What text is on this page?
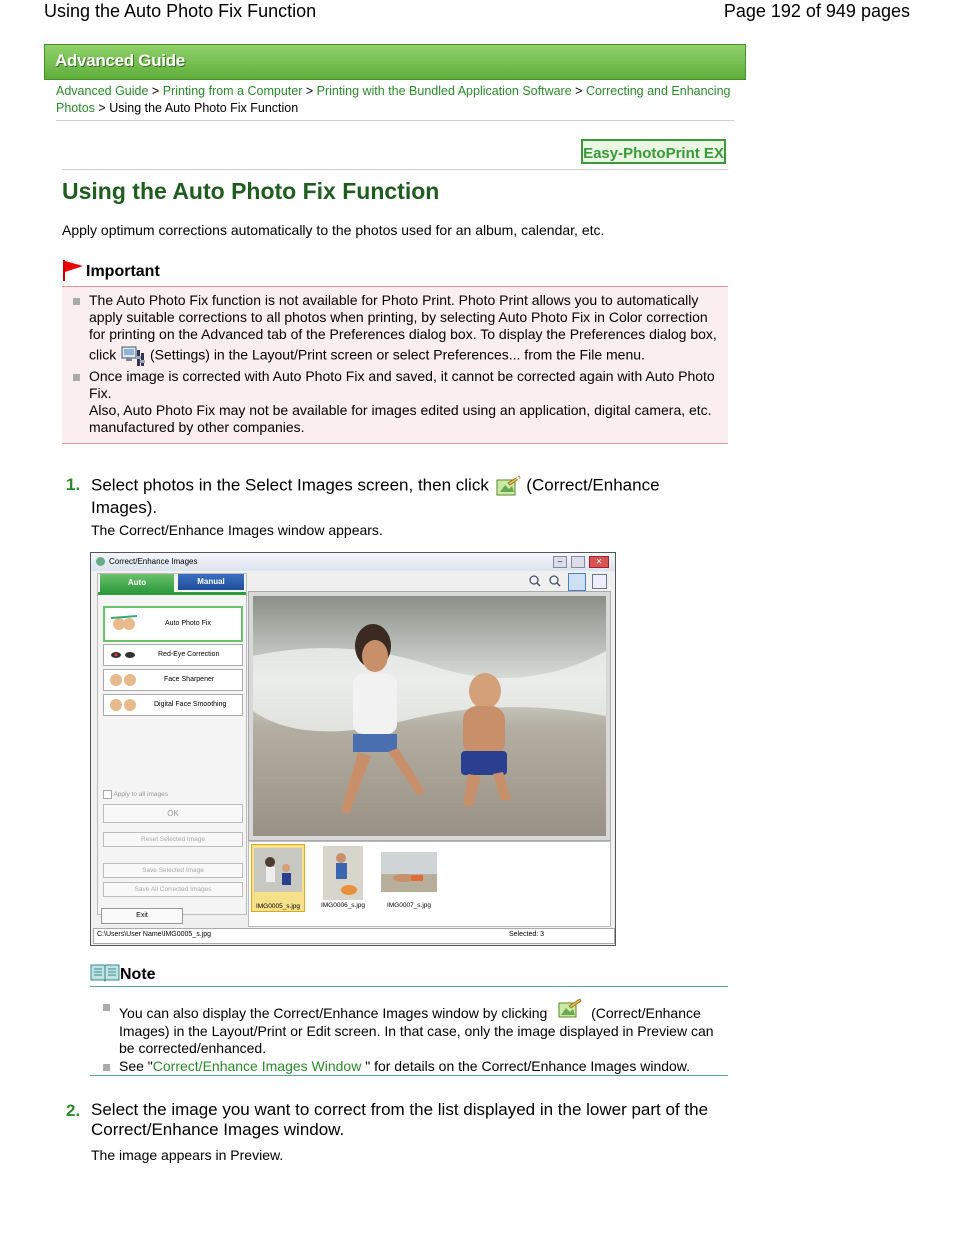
Using the Auto Photo Fix Function	Page 192 of 949 pages
Advanced Guide
Advanced Guide > Printing from a Computer > Printing with the Bundled Application Software > Correcting and Enhancing Photos > Using the Auto Photo Fix Function
Easy-PhotoPrint EX
Using the Auto Photo Fix Function
Apply optimum corrections automatically to the photos used for an album, calendar, etc.
Important
The Auto Photo Fix function is not available for Photo Print. Photo Print allows you to automatically apply suitable corrections to all photos when printing, by selecting Auto Photo Fix in Color correction for printing on the Advanced tab of the Preferences dialog box. To display the Preferences dialog box, click (Settings) in the Layout/Print screen or select Preferences... from the File menu.
Once image is corrected with Auto Photo Fix and saved, it cannot be corrected again with Auto Photo Fix.
Also, Auto Photo Fix may not be available for images edited using an application, digital camera, etc. manufactured by other companies.
1. Select photos in the Select Images screen, then click (Correct/Enhance Images).
The Correct/Enhance Images window appears.
Correct/Enhance Images	–	✕
Auto	Manual
Auto Photo Fix
Red-Eye Correction
Face Sharpener
Digital Face Smoothing
Apply to all images
OK
Reset Selected Image
Save Selected Image
Save All Corrected Images
Exit
IMG0005_s.jpg	IMG0006_s.jpg	IMG0007_s.jpg
C:\Users\User Name\IMG0005_s.jpg	Selected: 3
Note
You can also display the Correct/Enhance Images window by clicking	(Correct/Enhance Images) in the Layout/Print or Edit screen. In that case, only the image displayed in Preview can be corrected/enhanced.
See "Correct/Enhance Images Window " for details on the Correct/Enhance Images window.
2. Select the image you want to correct from the list displayed in the lower part of the Correct/Enhance Images window.
The image appears in Preview.
